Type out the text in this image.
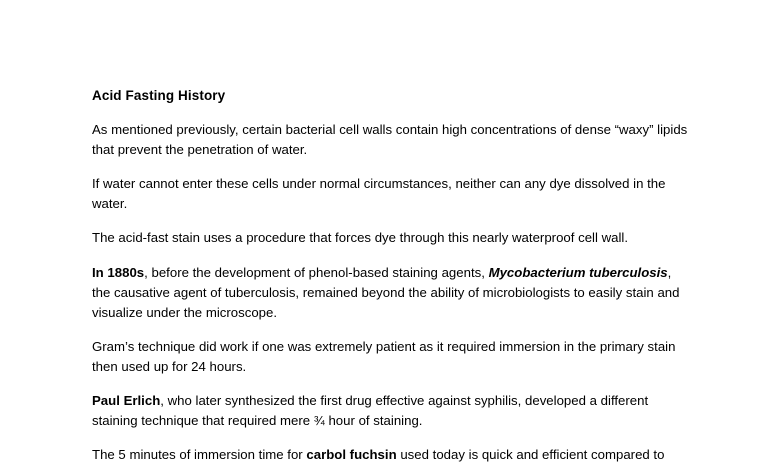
Acid Fasting History

As mentioned previously, certain bacterial cell walls contain high concentrations of dense “waxy” lipids that prevent the penetration of water.

If water cannot enter these cells under normal circumstances, neither can any dye dissolved in the water.

The acid-fast stain uses a procedure that forces dye through this nearly waterproof cell wall.

In 1880s, before the development of phenol-based staining agents, Mycobacterium tuberculosis, the causative agent of tuberculosis, remained beyond the ability of microbiologists to easily stain and visualize under the microscope.

Gram’s technique did work if one was extremely patient as it required immersion in the primary stain then used up for 24 hours.

Paul Erlich, who later synthesized the first drug effective against syphilis, developed a different staining technique that required mere ¾ hour of staining.

The 5 minutes of immersion time for carbol fuchsin used today is quick and efficient compared to
